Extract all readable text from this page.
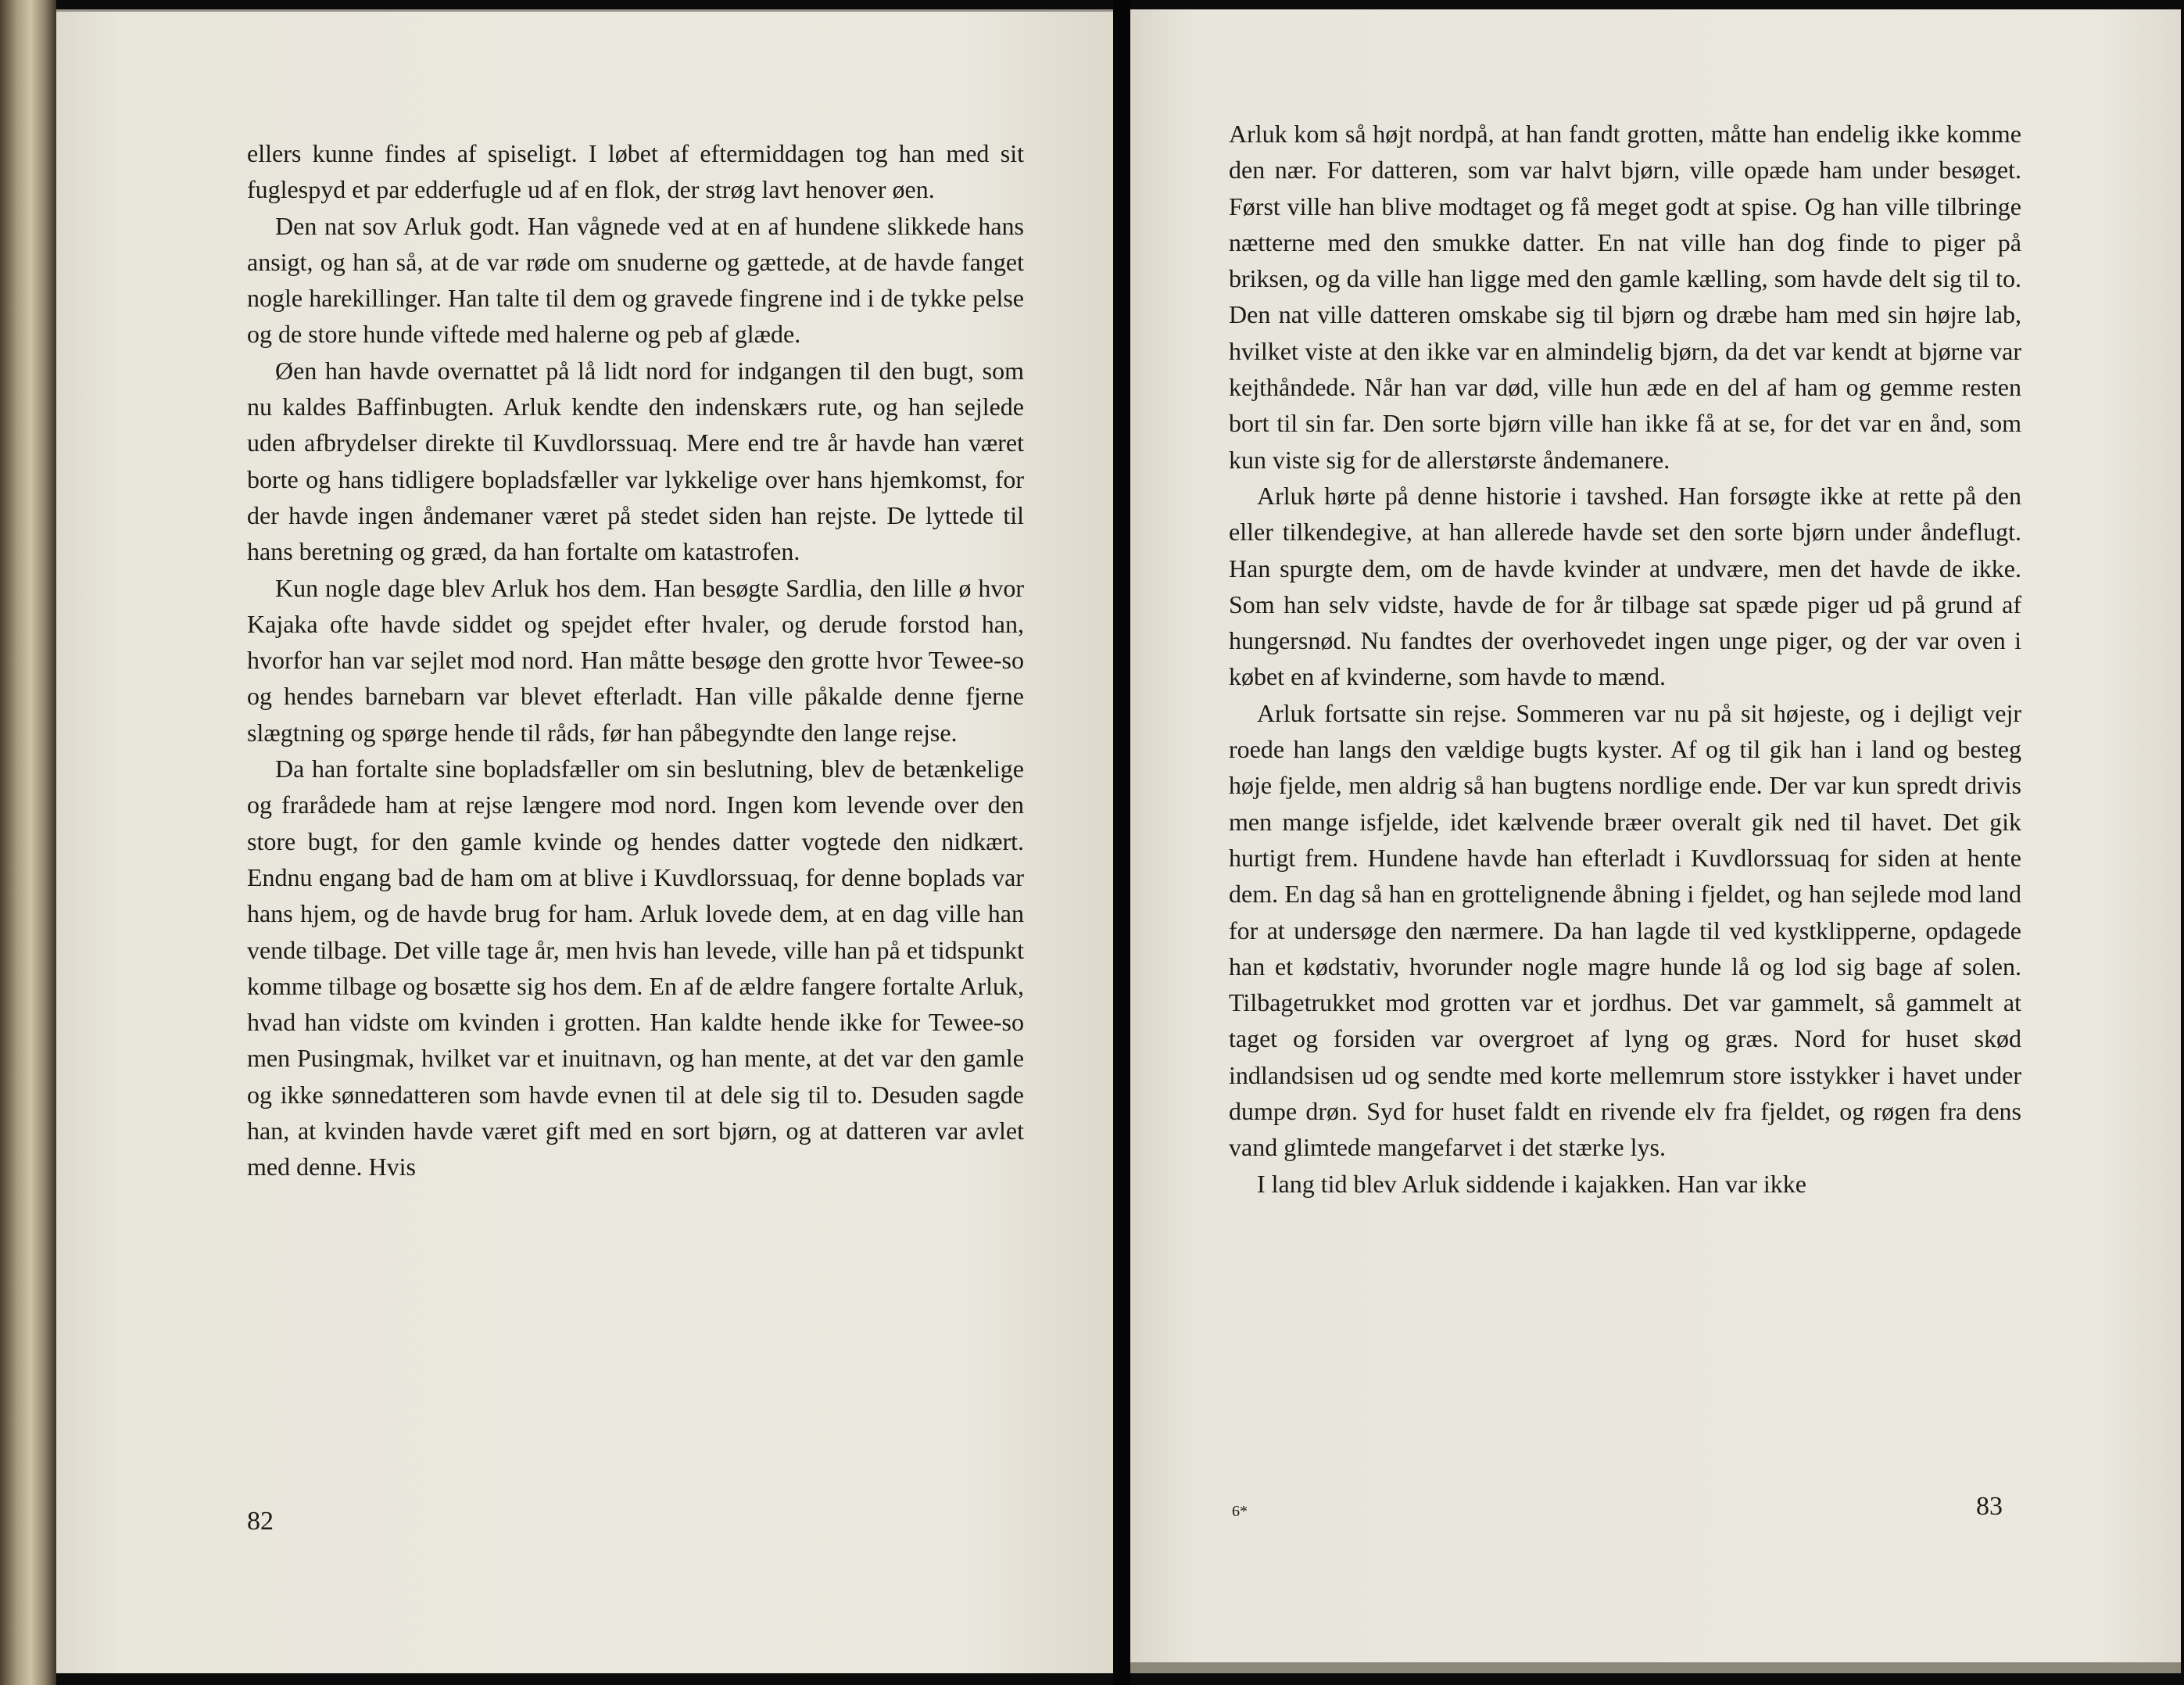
ellers kunne findes af spiseligt. I løbet af eftermiddagen tog han med sit fuglespyd et par edderfugle ud af en flok, der strøg lavt henover øen.

Den nat sov Arluk godt. Han vågnede ved at en af hundene slikkede hans ansigt, og han så, at de var røde om snuderne og gættede, at de havde fanget nogle harekillinger. Han talte til dem og gravede fingrene ind i de tykke pelse og de store hunde viftede med halerne og peb af glæde.

Øen han havde overnattet på lå lidt nord for indgangen til den bugt, som nu kaldes Baffinbugten. Arluk kendte den indenskærs rute, og han sejlede uden afbrydelser direkte til Kuvdlorssuaq. Mere end tre år havde han været borte og hans tidligere bopladsfæller var lykkelige over hans hjemkomst, for der havde ingen åndemaner været på stedet siden han rejste. De lyttede til hans beretning og græd, da han fortalte om katastrofen.

Kun nogle dage blev Arluk hos dem. Han besøgte Sardlia, den lille ø hvor Kajaka ofte havde siddet og spejdet efter hvaler, og derude forstod han, hvorfor han var sejlet mod nord. Han måtte besøge den grotte hvor Tewee-so og hendes barnebarn var blevet efterladt. Han ville påkalde denne fjerne slægtning og spørge hende til råds, før han påbegyndte den lange rejse.

Da han fortalte sine bopladsfæller om sin beslutning, blev de betænkelige og frarådede ham at rejse længere mod nord. Ingen kom levende over den store bugt, for den gamle kvinde og hendes datter vogtede den nidkært. Endnu engang bad de ham om at blive i Kuvdlorssuaq, for denne boplads var hans hjem, og de havde brug for ham. Arluk lovede dem, at en dag ville han vende tilbage. Det ville tage år, men hvis han levede, ville han på et tidspunkt komme tilbage og bosætte sig hos dem. En af de ældre fangere fortalte Arluk, hvad han vidste om kvinden i grotten. Han kaldte hende ikke for Tewee-so men Pusingmak, hvilket var et inuitnavn, og han mente, at det var den gamle og ikke sønnedatteren som havde evnen til at dele sig til to. Desuden sagde han, at kvinden havde været gift med en sort bjørn, og at datteren var avlet med denne. Hvis

82

Arluk kom så højt nordpå, at han fandt grotten, måtte han endelig ikke komme den nær. For datteren, som var halvt bjørn, ville opæde ham under besøget. Først ville han blive modtaget og få meget godt at spise. Og han ville tilbringe nætterne med den smukke datter. En nat ville han dog finde to piger på briksen, og da ville han ligge med den gamle kælling, som havde delt sig til to. Den nat ville datteren omskabe sig til bjørn og dræbe ham med sin højre lab, hvilket viste at den ikke var en almindelig bjørn, da det var kendt at bjørne var kejthåndede. Når han var død, ville hun æde en del af ham og gemme resten bort til sin far. Den sorte bjørn ville han ikke få at se, for det var en ånd, som kun viste sig for de allerstørste åndemanere.

Arluk hørte på denne historie i tavshed. Han forsøgte ikke at rette på den eller tilkendegive, at han allerede havde set den sorte bjørn under åndeflugt. Han spurgte dem, om de havde kvinder at undvære, men det havde de ikke. Som han selv vidste, havde de for år tilbage sat spæde piger ud på grund af hungersnød. Nu fandtes der overhovedet ingen unge piger, og der var oven i købet en af kvinderne, som havde to mænd.

Arluk fortsatte sin rejse. Sommeren var nu på sit højeste, og i dejligt vejr roede han langs den vældige bugts kyster. Af og til gik han i land og besteg høje fjelde, men aldrig så han bugtens nordlige ende. Der var kun spredt drivis men mange isfjelde, idet kælvende bræer overalt gik ned til havet. Det gik hurtigt frem. Hundene havde han efterladt i Kuvdlorssuaq for siden at hente dem. En dag så han en grottelignende åbning i fjeldet, og han sejlede mod land for at undersøge den nærmere. Da han lagde til ved kystklipperne, opdagede han et kødstativ, hvorunder nogle magre hunde lå og lod sig bage af solen. Tilbagetrukket mod grotten var et jordhus. Det var gammelt, så gammelt at taget og forsiden var overgroet af lyng og græs. Nord for huset skød indlandsisen ud og sendte med korte mellemrum store isstykker i havet under dumpe drøn. Syd for huset faldt en rivende elv fra fjeldet, og røgen fra dens vand glimtede mangefarvet i det stærke lys.

I lang tid blev Arluk siddende i kajakken. Han var ikke

6*	83
